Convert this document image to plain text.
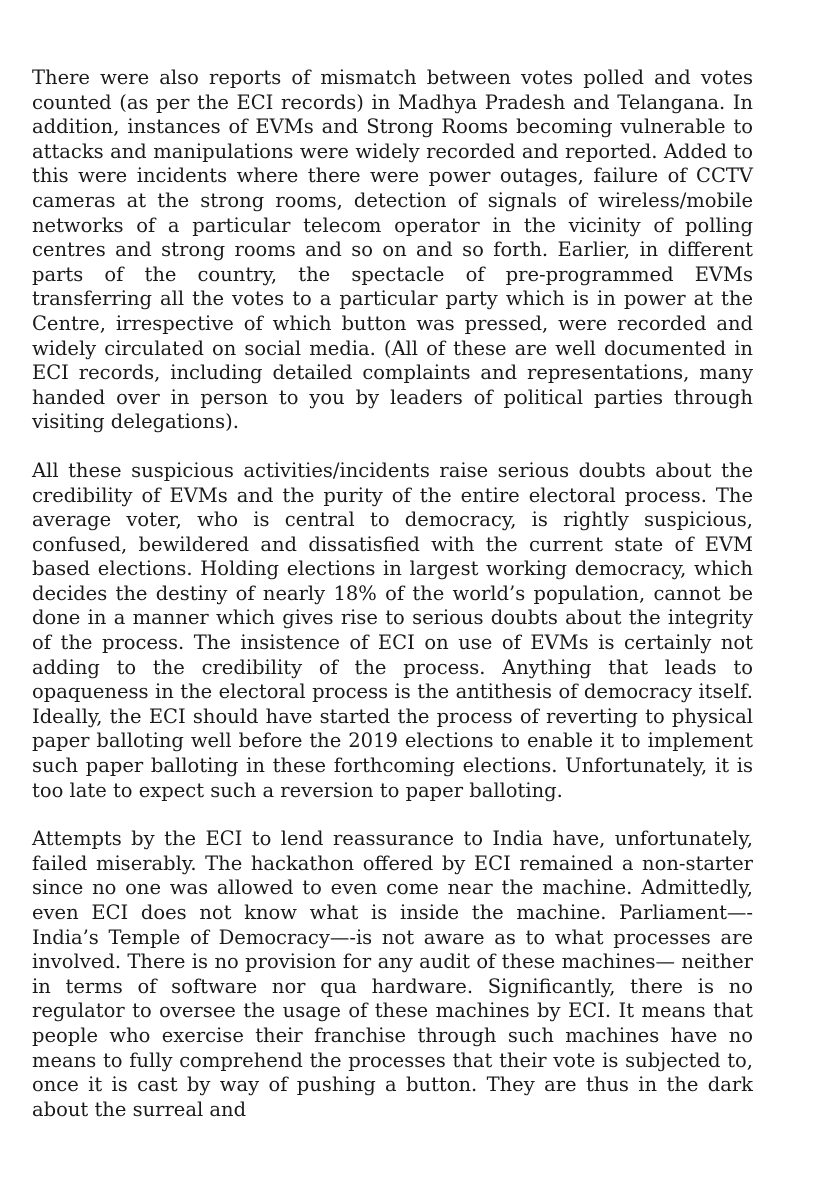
There were also reports of mismatch between votes polled and votes counted (as per the ECI records) in Madhya Pradesh and Telangana. In addition, instances of EVMs and Strong Rooms becoming vulnerable to attacks and manipulations were widely recorded and reported. Added to this were incidents where there were power outages, failure of CCTV cameras at the strong rooms, detection of signals of wireless/mobile networks of a particular telecom operator in the vicinity of polling centres and strong rooms and so on and so forth. Earlier, in different parts of the country, the spectacle of pre-programmed EVMs transferring all the votes to a particular party which is in power at the Centre, irrespective of which button was pressed, were recorded and widely circulated on social media. (All of these are well documented in ECI records, including detailed complaints and representations, many handed over in person to you by leaders of political parties through visiting delegations).

All these suspicious activities/incidents raise serious doubts about the credibility of EVMs and the purity of the entire electoral process. The average voter, who is central to democracy, is rightly suspicious, confused, bewildered and dissatisfied with the current state of EVM based elections. Holding elections in largest working democracy, which decides the destiny of nearly 18% of the world’s population, cannot be done in a manner which gives rise to serious doubts about the integrity of the process. The insistence of ECI on use of EVMs is certainly not adding to the credibility of the process. Anything that leads to opaqueness in the electoral process is the antithesis of democracy itself. Ideally, the ECI should have started the process of reverting to physical paper balloting well before the 2019 elections to enable it to implement such paper balloting in these forthcoming elections. Unfortunately, it is too late to expect such a reversion to paper balloting.

Attempts by the ECI to lend reassurance to India have, unfortunately, failed miserably. The hackathon offered by ECI remained a non-starter since no one was allowed to even come near the machine. Admittedly, even ECI does not know what is inside the machine. Parliament—-India’s Temple of Democracy—-is not aware as to what processes are involved. There is no provision for any audit of these machines— neither in terms of software nor qua hardware. Significantly, there is no regulator to oversee the usage of these machines by ECI. It means that people who exercise their franchise through such machines have no means to fully comprehend the processes that their vote is subjected to, once it is cast by way of pushing a button. They are thus in the dark about the surreal and
